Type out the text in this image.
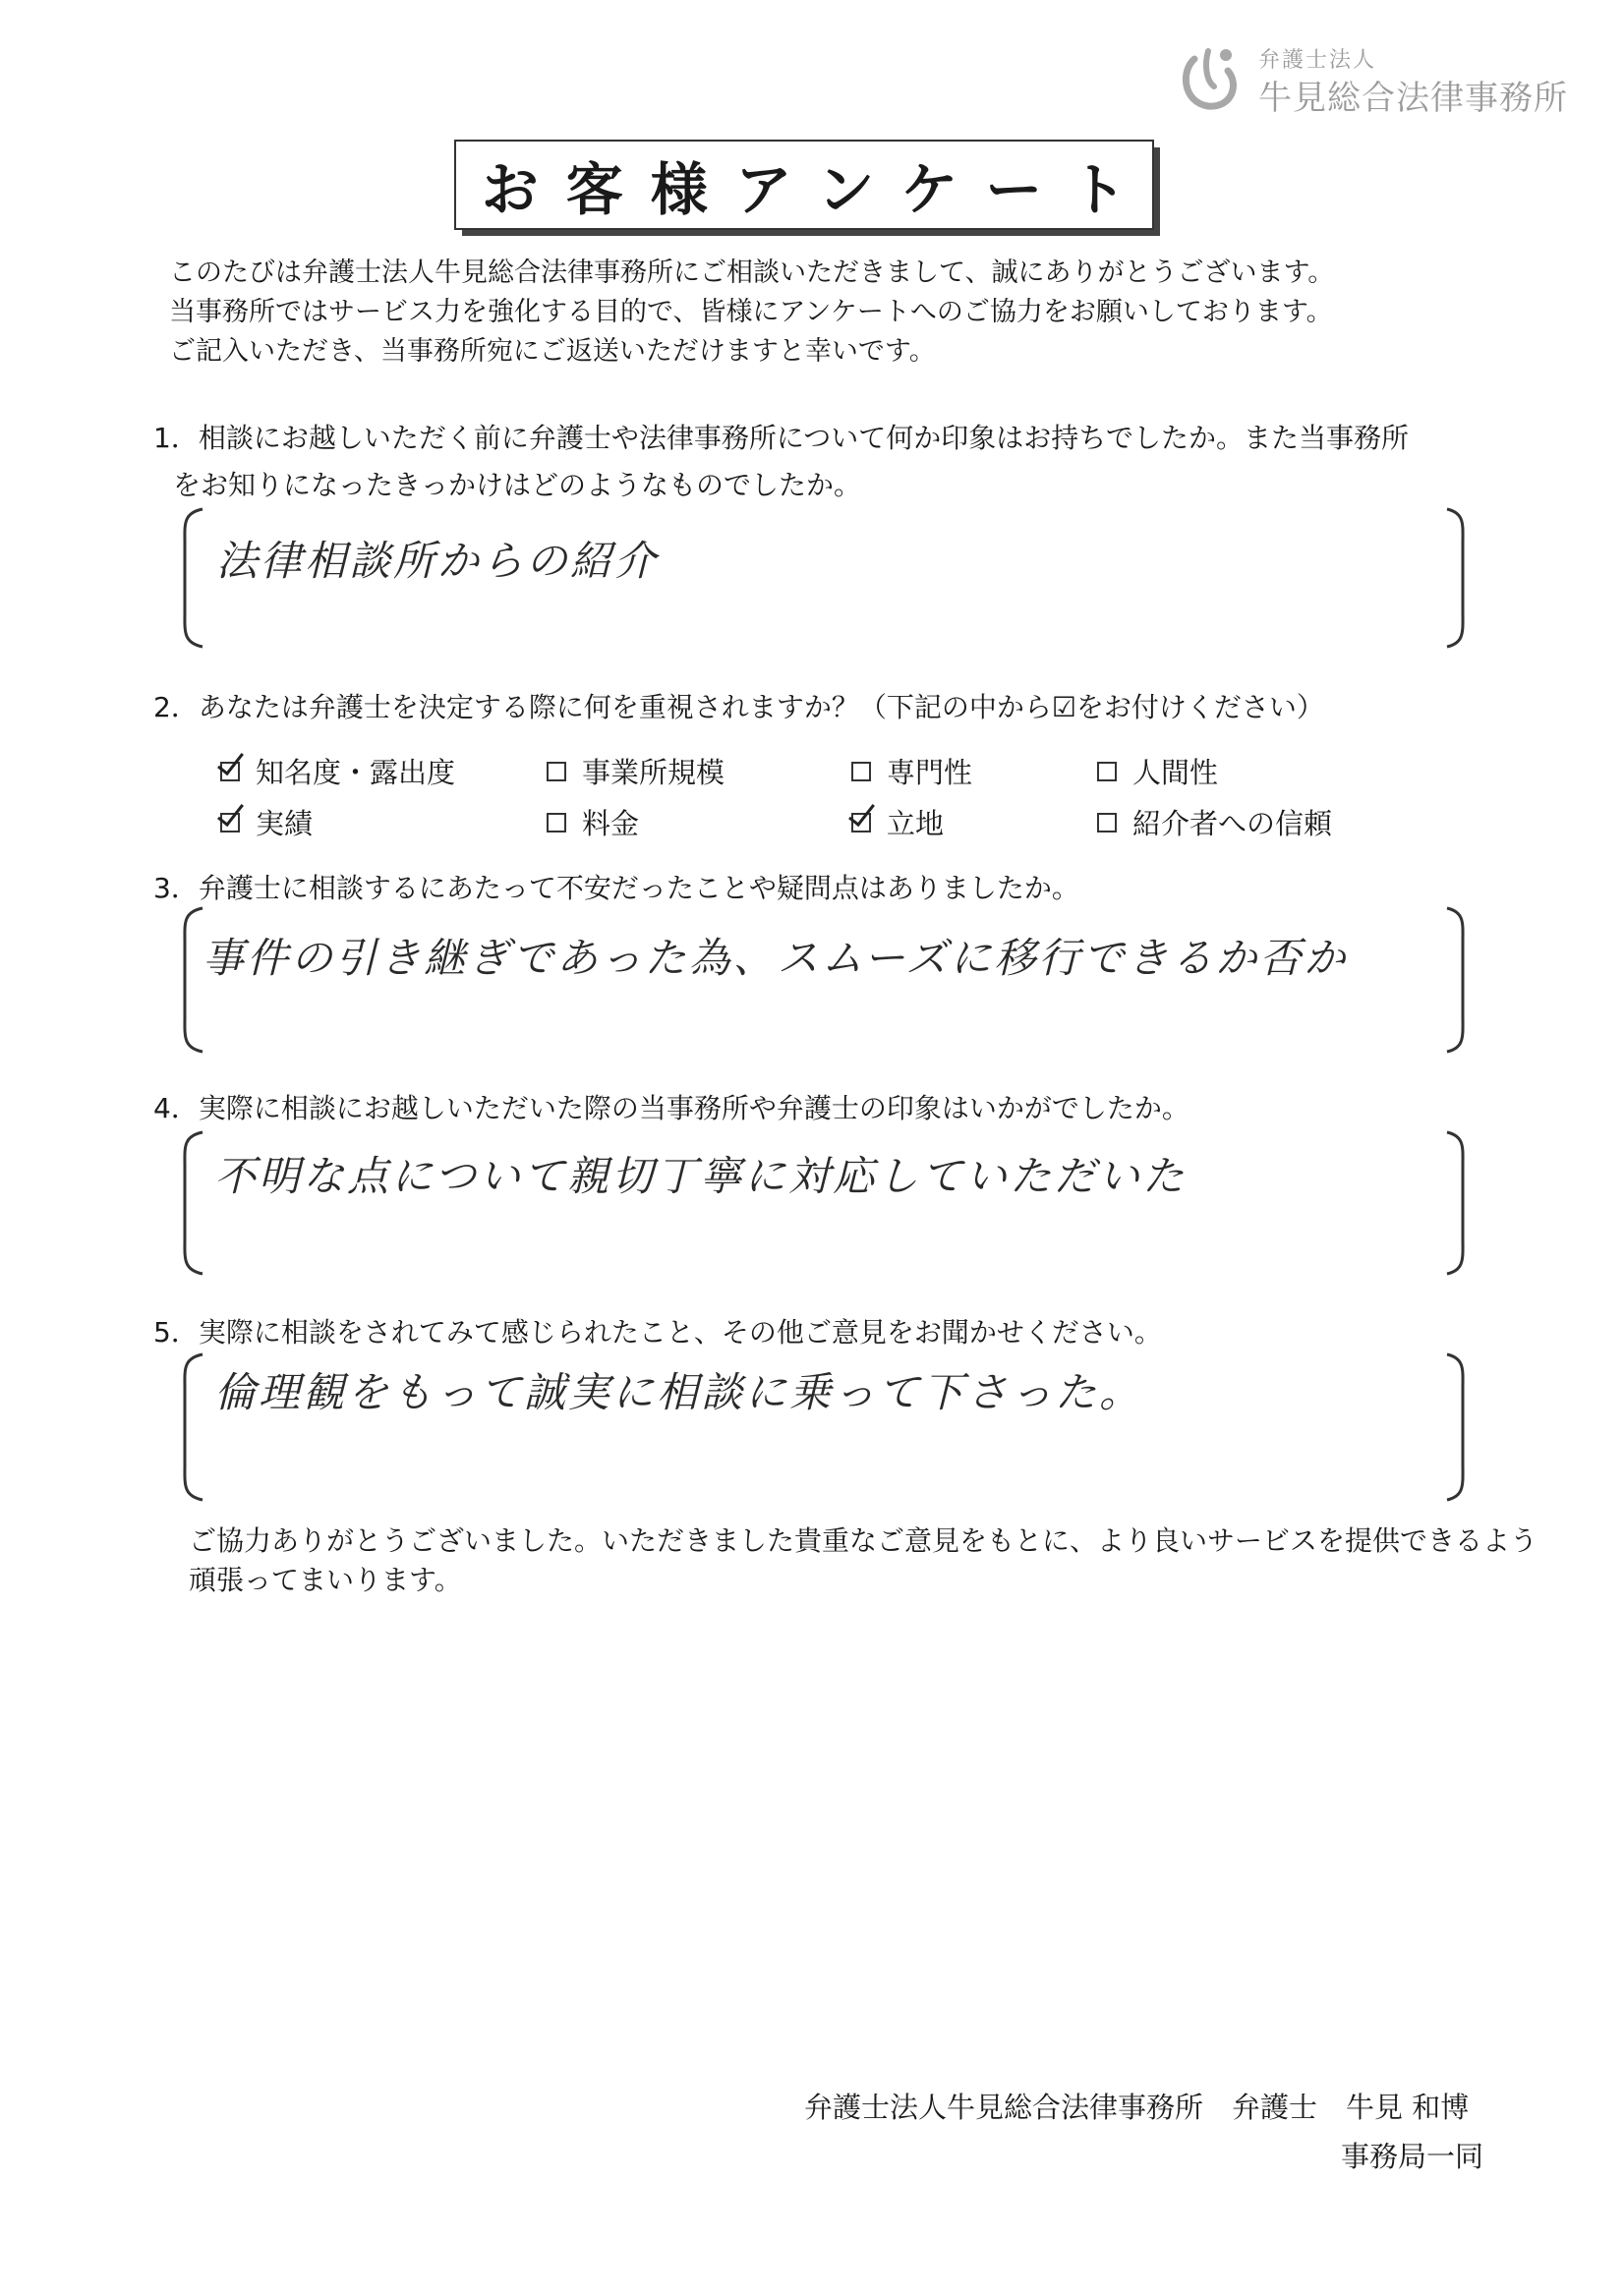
弁護士法人
牛見総合法律事務所
お客様アンケート
このたびは弁護士法人牛見総合法律事務所にご相談いただきまして、誠にありがとうございます。
当事務所ではサービス力を強化する目的で、皆様にアンケートへのご協力をお願いしております。
ご記入いただき、当事務所宛にご返送いただけますと幸いです。
1．相談にお越しいただく前に弁護士や法律事務所について何か印象はお持ちでしたか。また当事務所
をお知りになったきっかけはどのようなものでしたか。
法律相談所からの紹介
2．あなたは弁護士を決定する際に何を重視されますか？（下記の中から☑をお付けください）
知名度・露出度	事業所規模	専門性	人間性
実績	料金	立地	紹介者への信頼
3．弁護士に相談するにあたって不安だったことや疑問点はありましたか。
事件の引き継ぎであった為、スムーズに移行できるか否か
4．実際に相談にお越しいただいた際の当事務所や弁護士の印象はいかがでしたか。
不明な点について親切丁寧に対応していただいた
5．実際に相談をされてみて感じられたこと、その他ご意見をお聞かせください。
倫理観をもって誠実に相談に乗って下さった。
ご協力ありがとうございました。いただきました貴重なご意見をもとに、より良いサービスを提供できるよう
頑張ってまいります。
弁護士法人牛見総合法律事務所　弁護士　牛見 和博
事務局一同
